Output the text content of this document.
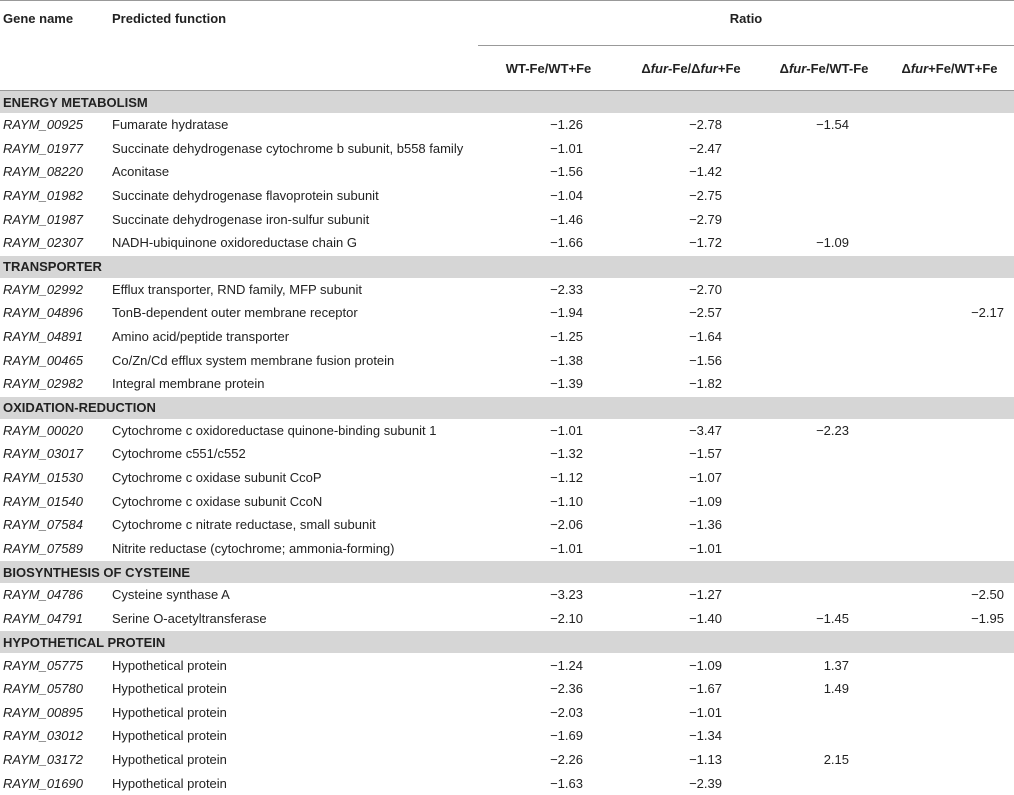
Gene name	Predicted function	Ratio			
		WT-Fe/WT+Fe	Δfur-Fe/Δfur+Fe	Δfur-Fe/WT-Fe	Δfur+Fe/WT+Fe
ENERGY METABOLISM					
RAYM_00925	Fumarate hydratase	−1.26	−2.78	−1.54	
RAYM_01977	Succinate dehydrogenase cytochrome b subunit, b558 family	−1.01	−2.47		
RAYM_08220	Aconitase	−1.56	−1.42		
RAYM_01982	Succinate dehydrogenase flavoprotein subunit	−1.04	−2.75		
RAYM_01987	Succinate dehydrogenase iron-sulfur subunit	−1.46	−2.79		
RAYM_02307	NADH-ubiquinone oxidoreductase chain G	−1.66	−1.72	−1.09	
TRANSPORTER					
RAYM_02992	Efflux transporter, RND family, MFP subunit	−2.33	−2.70		
RAYM_04896	TonB-dependent outer membrane receptor	−1.94	−2.57		−2.17
RAYM_04891	Amino acid/peptide transporter	−1.25	−1.64		
RAYM_00465	Co/Zn/Cd efflux system membrane fusion protein	−1.38	−1.56		
RAYM_02982	Integral membrane protein	−1.39	−1.82		
OXIDATION-REDUCTION					
RAYM_00020	Cytochrome c oxidoreductase quinone-binding subunit 1	−1.01	−3.47	−2.23	
RAYM_03017	Cytochrome c551/c552	−1.32	−1.57		
RAYM_01530	Cytochrome c oxidase subunit CcoP	−1.12	−1.07		
RAYM_01540	Cytochrome c oxidase subunit CcoN	−1.10	−1.09		
RAYM_07584	Cytochrome c nitrate reductase, small subunit	−2.06	−1.36		
RAYM_07589	Nitrite reductase (cytochrome; ammonia-forming)	−1.01	−1.01		
BIOSYNTHESIS OF CYSTEINE					
RAYM_04786	Cysteine synthase A	−3.23	−1.27		−2.50
RAYM_04791	Serine O-acetyltransferase	−2.10	−1.40	−1.45	−1.95
HYPOTHETICAL PROTEIN					
RAYM_05775	Hypothetical protein	−1.24	−1.09	1.37	
RAYM_05780	Hypothetical protein	−2.36	−1.67	1.49	
RAYM_00895	Hypothetical protein	−2.03	−1.01		
RAYM_03012	Hypothetical protein	−1.69	−1.34		
RAYM_03172	Hypothetical protein	−2.26	−1.13	2.15	
RAYM_01690	Hypothetical protein	−1.63	−2.39		
